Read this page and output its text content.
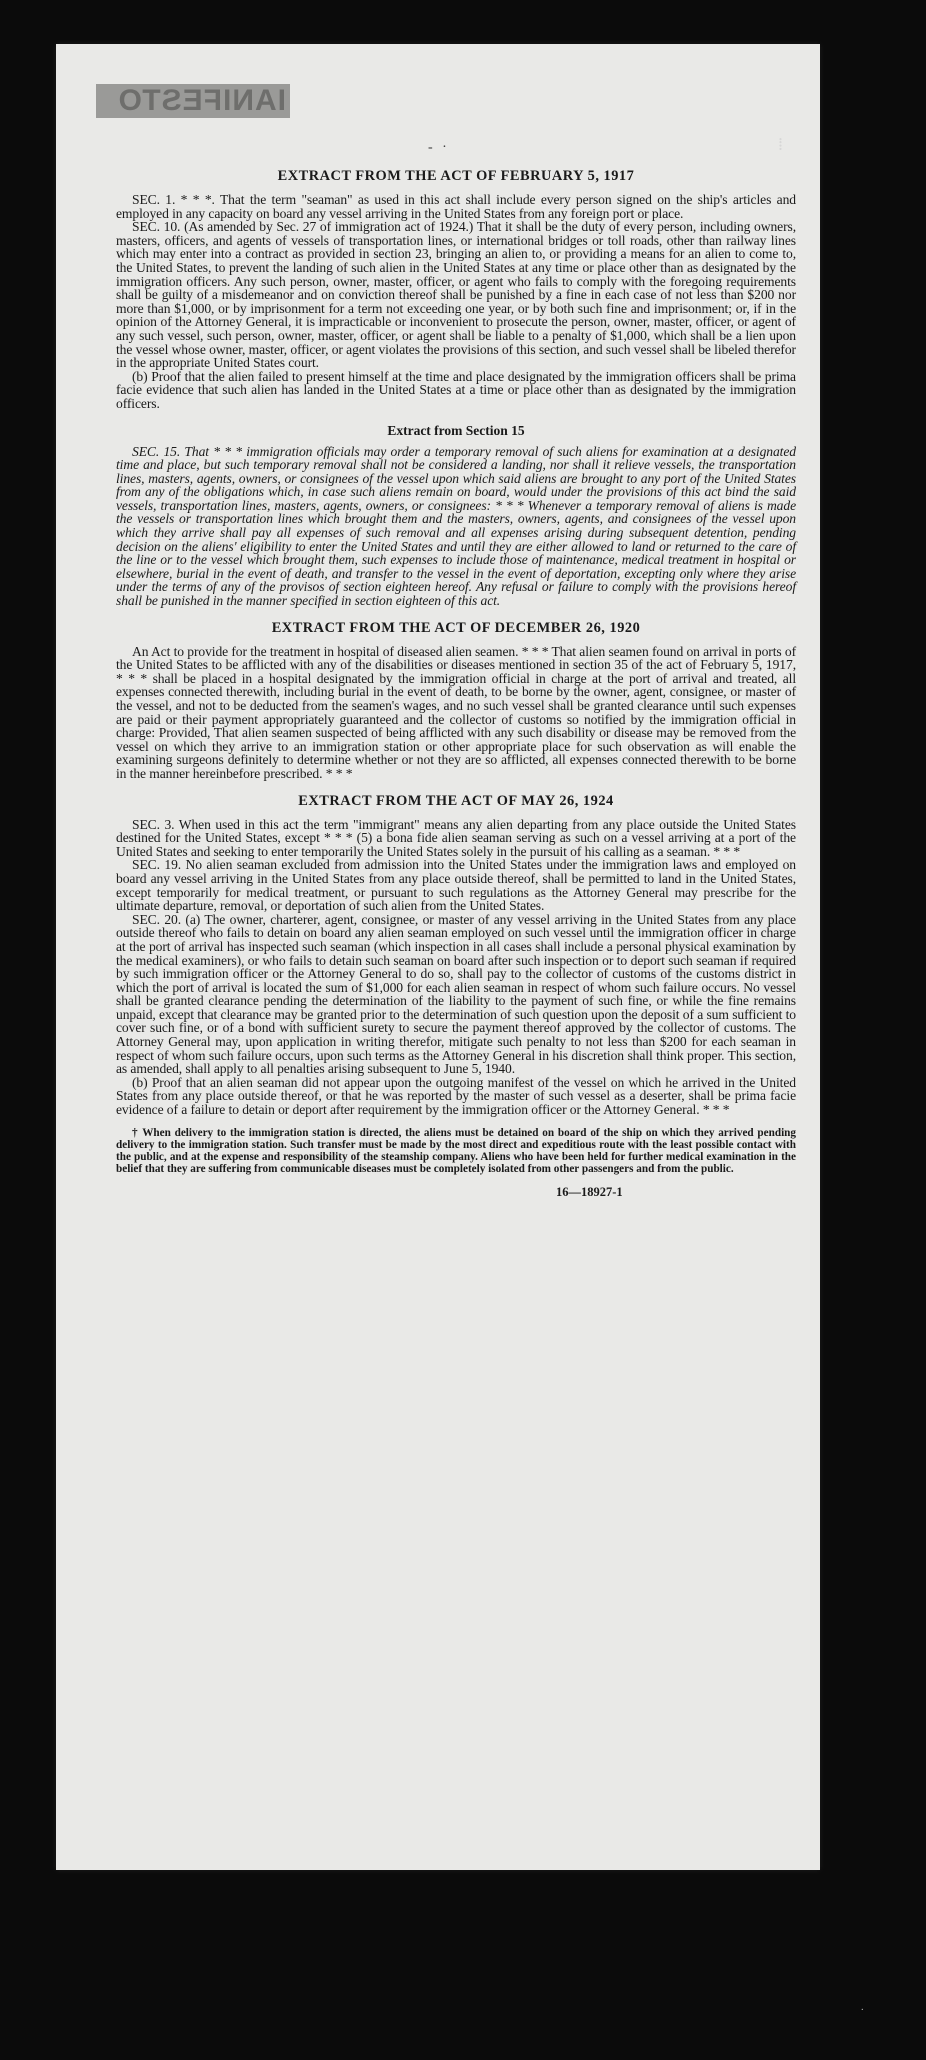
IANIFESTO
- ·
EXTRACT FROM THE ACT OF FEBRUARY 5, 1917

SEC. 1. * * *. That the term "seaman" as used in this act shall include every person signed on the ship's articles and employed in any capacity on board any vessel arriving in the United States from any foreign port or place.

SEC. 10. (As amended by Sec. 27 of immigration act of 1924.) That it shall be the duty of every person, including owners, masters, officers, and agents of vessels of transportation lines, or international bridges or toll roads, other than railway lines which may enter into a contract as provided in section 23, bringing an alien to, or providing a means for an alien to come to, the United States, to prevent the landing of such alien in the United States at any time or place other than as designated by the immigration officers. Any such person, owner, master, officer, or agent who fails to comply with the foregoing requirements shall be guilty of a misdemeanor and on conviction thereof shall be punished by a fine in each case of not less than $200 nor more than $1,000, or by imprisonment for a term not exceeding one year, or by both such fine and imprisonment; or, if in the opinion of the Attorney General, it is impracticable or inconvenient to prosecute the person, owner, master, officer, or agent of any such vessel, such person, owner, master, officer, or agent shall be liable to a penalty of $1,000, which shall be a lien upon the vessel whose owner, master, officer, or agent violates the provisions of this section, and such vessel shall be libeled therefor in the appropriate United States court.

(b) Proof that the alien failed to present himself at the time and place designated by the immigration officers shall be prima facie evidence that such alien has landed in the United States at a time or place other than as designated by the immigration officers.

Extract from Section 15

SEC. 15. That * * * immigration officials may order a temporary removal of such aliens for examination at a designated time and place, but such temporary removal shall not be considered a landing, nor shall it relieve vessels, the transportation lines, masters, agents, owners, or consignees of the vessel upon which said aliens are brought to any port of the United States from any of the obligations which, in case such aliens remain on board, would under the provisions of this act bind the said vessels, transportation lines, masters, agents, owners, or consignees: * * * Whenever a temporary removal of aliens is made the vessels or transportation lines which brought them and the masters, owners, agents, and consignees of the vessel upon which they arrive shall pay all expenses of such removal and all expenses arising during subsequent detention, pending decision on the aliens' eligibility to enter the United States and until they are either allowed to land or returned to the care of the line or to the vessel which brought them, such expenses to include those of maintenance, medical treatment in hospital or elsewhere, burial in the event of death, and transfer to the vessel in the event of deportation, excepting only where they arise under the terms of any of the provisos of section eighteen hereof. Any refusal or failure to comply with the provisions hereof shall be punished in the manner specified in section eighteen of this act.

EXTRACT FROM THE ACT OF DECEMBER 26, 1920

An Act to provide for the treatment in hospital of diseased alien seamen. * * * That alien seamen found on arrival in ports of the United States to be afflicted with any of the disabilities or diseases mentioned in section 35 of the act of February 5, 1917, * * * shall be placed in a hospital designated by the immigration official in charge at the port of arrival and treated, all expenses connected therewith, including burial in the event of death, to be borne by the owner, agent, consignee, or master of the vessel, and not to be deducted from the seamen's wages, and no such vessel shall be granted clearance until such expenses are paid or their payment appropriately guaranteed and the collector of customs so notified by the immigration official in charge: Provided, That alien seamen suspected of being afflicted with any such disability or disease may be removed from the vessel on which they arrive to an immigration station or other appropriate place for such observation as will enable the examining surgeons definitely to determine whether or not they are so afflicted, all expenses connected therewith to be borne in the manner hereinbefore prescribed. * * *

EXTRACT FROM THE ACT OF MAY 26, 1924

SEC. 3. When used in this act the term "immigrant" means any alien departing from any place outside the United States destined for the United States, except * * * (5) a bona fide alien seaman serving as such on a vessel arriving at a port of the United States and seeking to enter temporarily the United States solely in the pursuit of his calling as a seaman. * * *

SEC. 19. No alien seaman excluded from admission into the United States under the immigration laws and employed on board any vessel arriving in the United States from any place outside thereof, shall be permitted to land in the United States, except temporarily for medical treatment, or pursuant to such regulations as the Attorney General may prescribe for the ultimate departure, removal, or deportation of such alien from the United States.

SEC. 20. (a) The owner, charterer, agent, consignee, or master of any vessel arriving in the United States from any place outside thereof who fails to detain on board any alien seaman employed on such vessel until the immigration officer in charge at the port of arrival has inspected such seaman (which inspection in all cases shall include a personal physical examination by the medical examiners), or who fails to detain such seaman on board after such inspection or to deport such seaman if required by such immigration officer or the Attorney General to do so, shall pay to the collector of customs of the customs district in which the port of arrival is located the sum of $1,000 for each alien seaman in respect of whom such failure occurs. No vessel shall be granted clearance pending the determination of the liability to the payment of such fine, or while the fine remains unpaid, except that clearance may be granted prior to the determination of such question upon the deposit of a sum sufficient to cover such fine, or of a bond with sufficient surety to secure the payment thereof approved by the collector of customs. The Attorney General may, upon application in writing therefor, mitigate such penalty to not less than $200 for each seaman in respect of whom such failure occurs, upon such terms as the Attorney General in his discretion shall think proper. This section, as amended, shall apply to all penalties arising subsequent to June 5, 1940.

(b) Proof that an alien seaman did not appear upon the outgoing manifest of the vessel on which he arrived in the United States from any place outside thereof, or that he was reported by the master of such vessel as a deserter, shall be prima facie evidence of a failure to detain or deport after requirement by the immigration officer or the Attorney General. * * *

† When delivery to the immigration station is directed, the aliens must be detained on board of the ship on which they arrived pending delivery to the immigration station. Such transfer must be made by the most direct and expeditious route with the least possible contact with the public, and at the expense and responsibility of the steamship company. Aliens who have been held for further medical examination in the belief that they are suffering from communicable diseases must be completely isolated from other passengers and from the public.
16—18927-1
⁞
·
